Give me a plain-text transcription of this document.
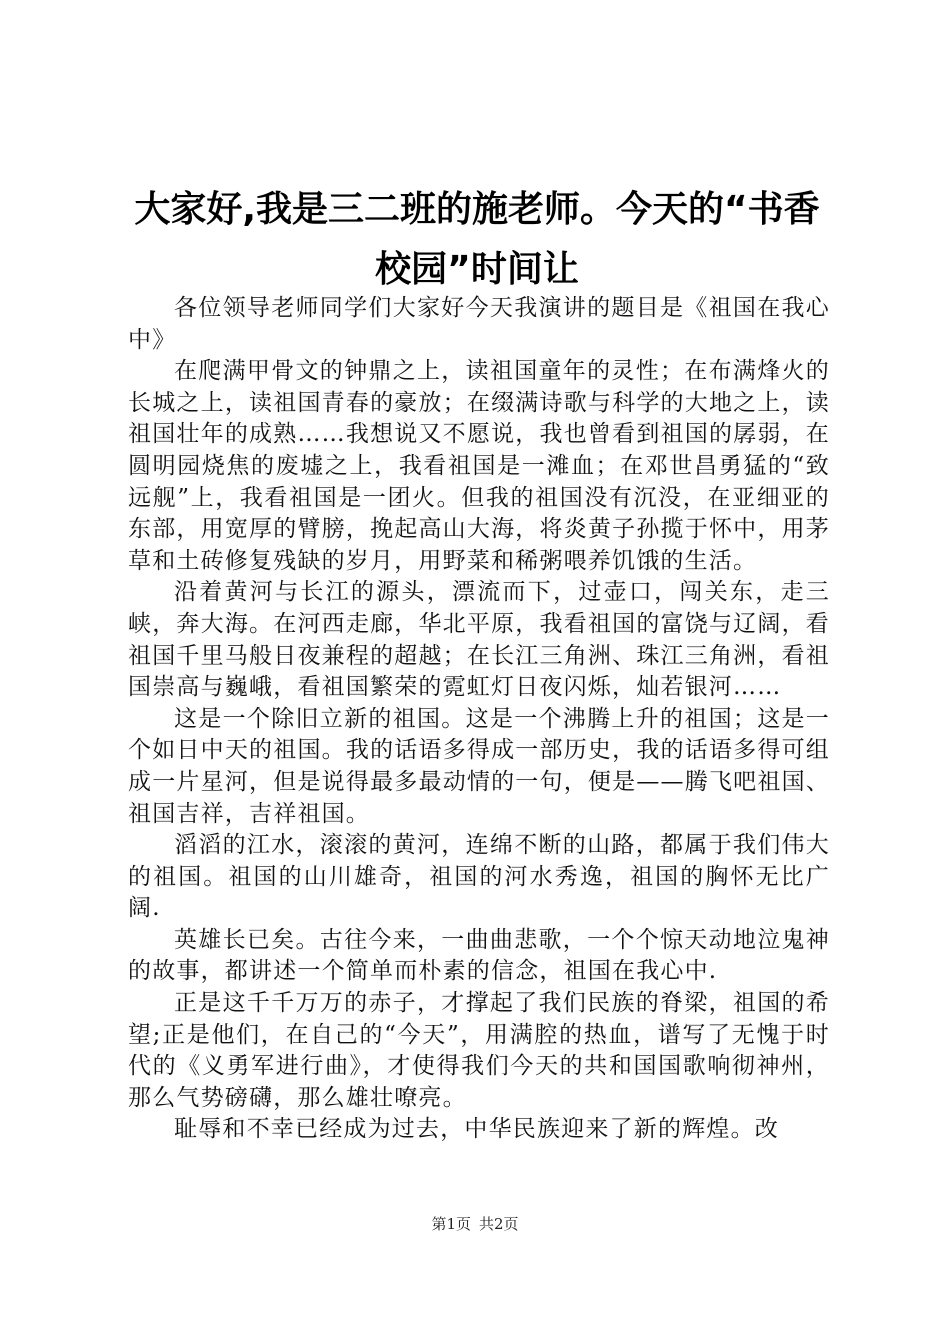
大家好,我是三二班的施老师。今天的“书香校园”时间让

各位领导老师同学们大家好今天我演讲的题目是《祖国在我心中》

在爬满甲骨文的钟鼎之上，读祖国童年的灵性；在布满烽火的长城之上，读祖国青春的豪放；在缀满诗歌与科学的大地之上，读祖国壮年的成熟……我想说又不愿说，我也曾看到祖国的孱弱，在圆明园烧焦的废墟之上，我看祖国是一滩血；在邓世昌勇猛的“致远舰”上，我看祖国是一团火。但我的祖国没有沉没，在亚细亚的东部，用宽厚的臂膀，挽起高山大海，将炎黄子孙揽于怀中，用茅草和土砖修复残缺的岁月，用野菜和稀粥喂养饥饿的生活。

沿着黄河与长江的源头，漂流而下，过壶口，闯关东，走三峡，奔大海。在河西走廊，华北平原，我看祖国的富饶与辽阔，看祖国千里马般日夜兼程的超越；在长江三角洲、珠江三角洲，看祖国崇高与巍峨，看祖国繁荣的霓虹灯日夜闪烁，灿若银河……

这是一个除旧立新的祖国。这是一个沸腾上升的祖国；这是一个如日中天的祖国。我的话语多得成一部历史，我的话语多得可组成一片星河，但是说得最多最动情的一句，便是——腾飞吧祖国、祖国吉祥，吉祥祖国。

滔滔的江水，滚滚的黄河，连绵不断的山路，都属于我们伟大的祖国。祖国的山川雄奇，祖国的河水秀逸，祖国的胸怀无比广阔.

英雄长已矣。古往今来，一曲曲悲歌，一个个惊天动地泣鬼神的故事，都讲述一个简单而朴素的信念，祖国在我心中.

正是这千千万万的赤子，才撑起了我们民族的脊梁，祖国的希望;正是他们，在自己的“今天”，用满腔的热血，谱写了无愧于时代的《义勇军进行曲》，才使得我们今天的共和国国歌响彻神州，那么气势磅礴，那么雄壮嘹亮。

耻辱和不幸已经成为过去，中华民族迎来了新的辉煌。改

第1页 共2页
